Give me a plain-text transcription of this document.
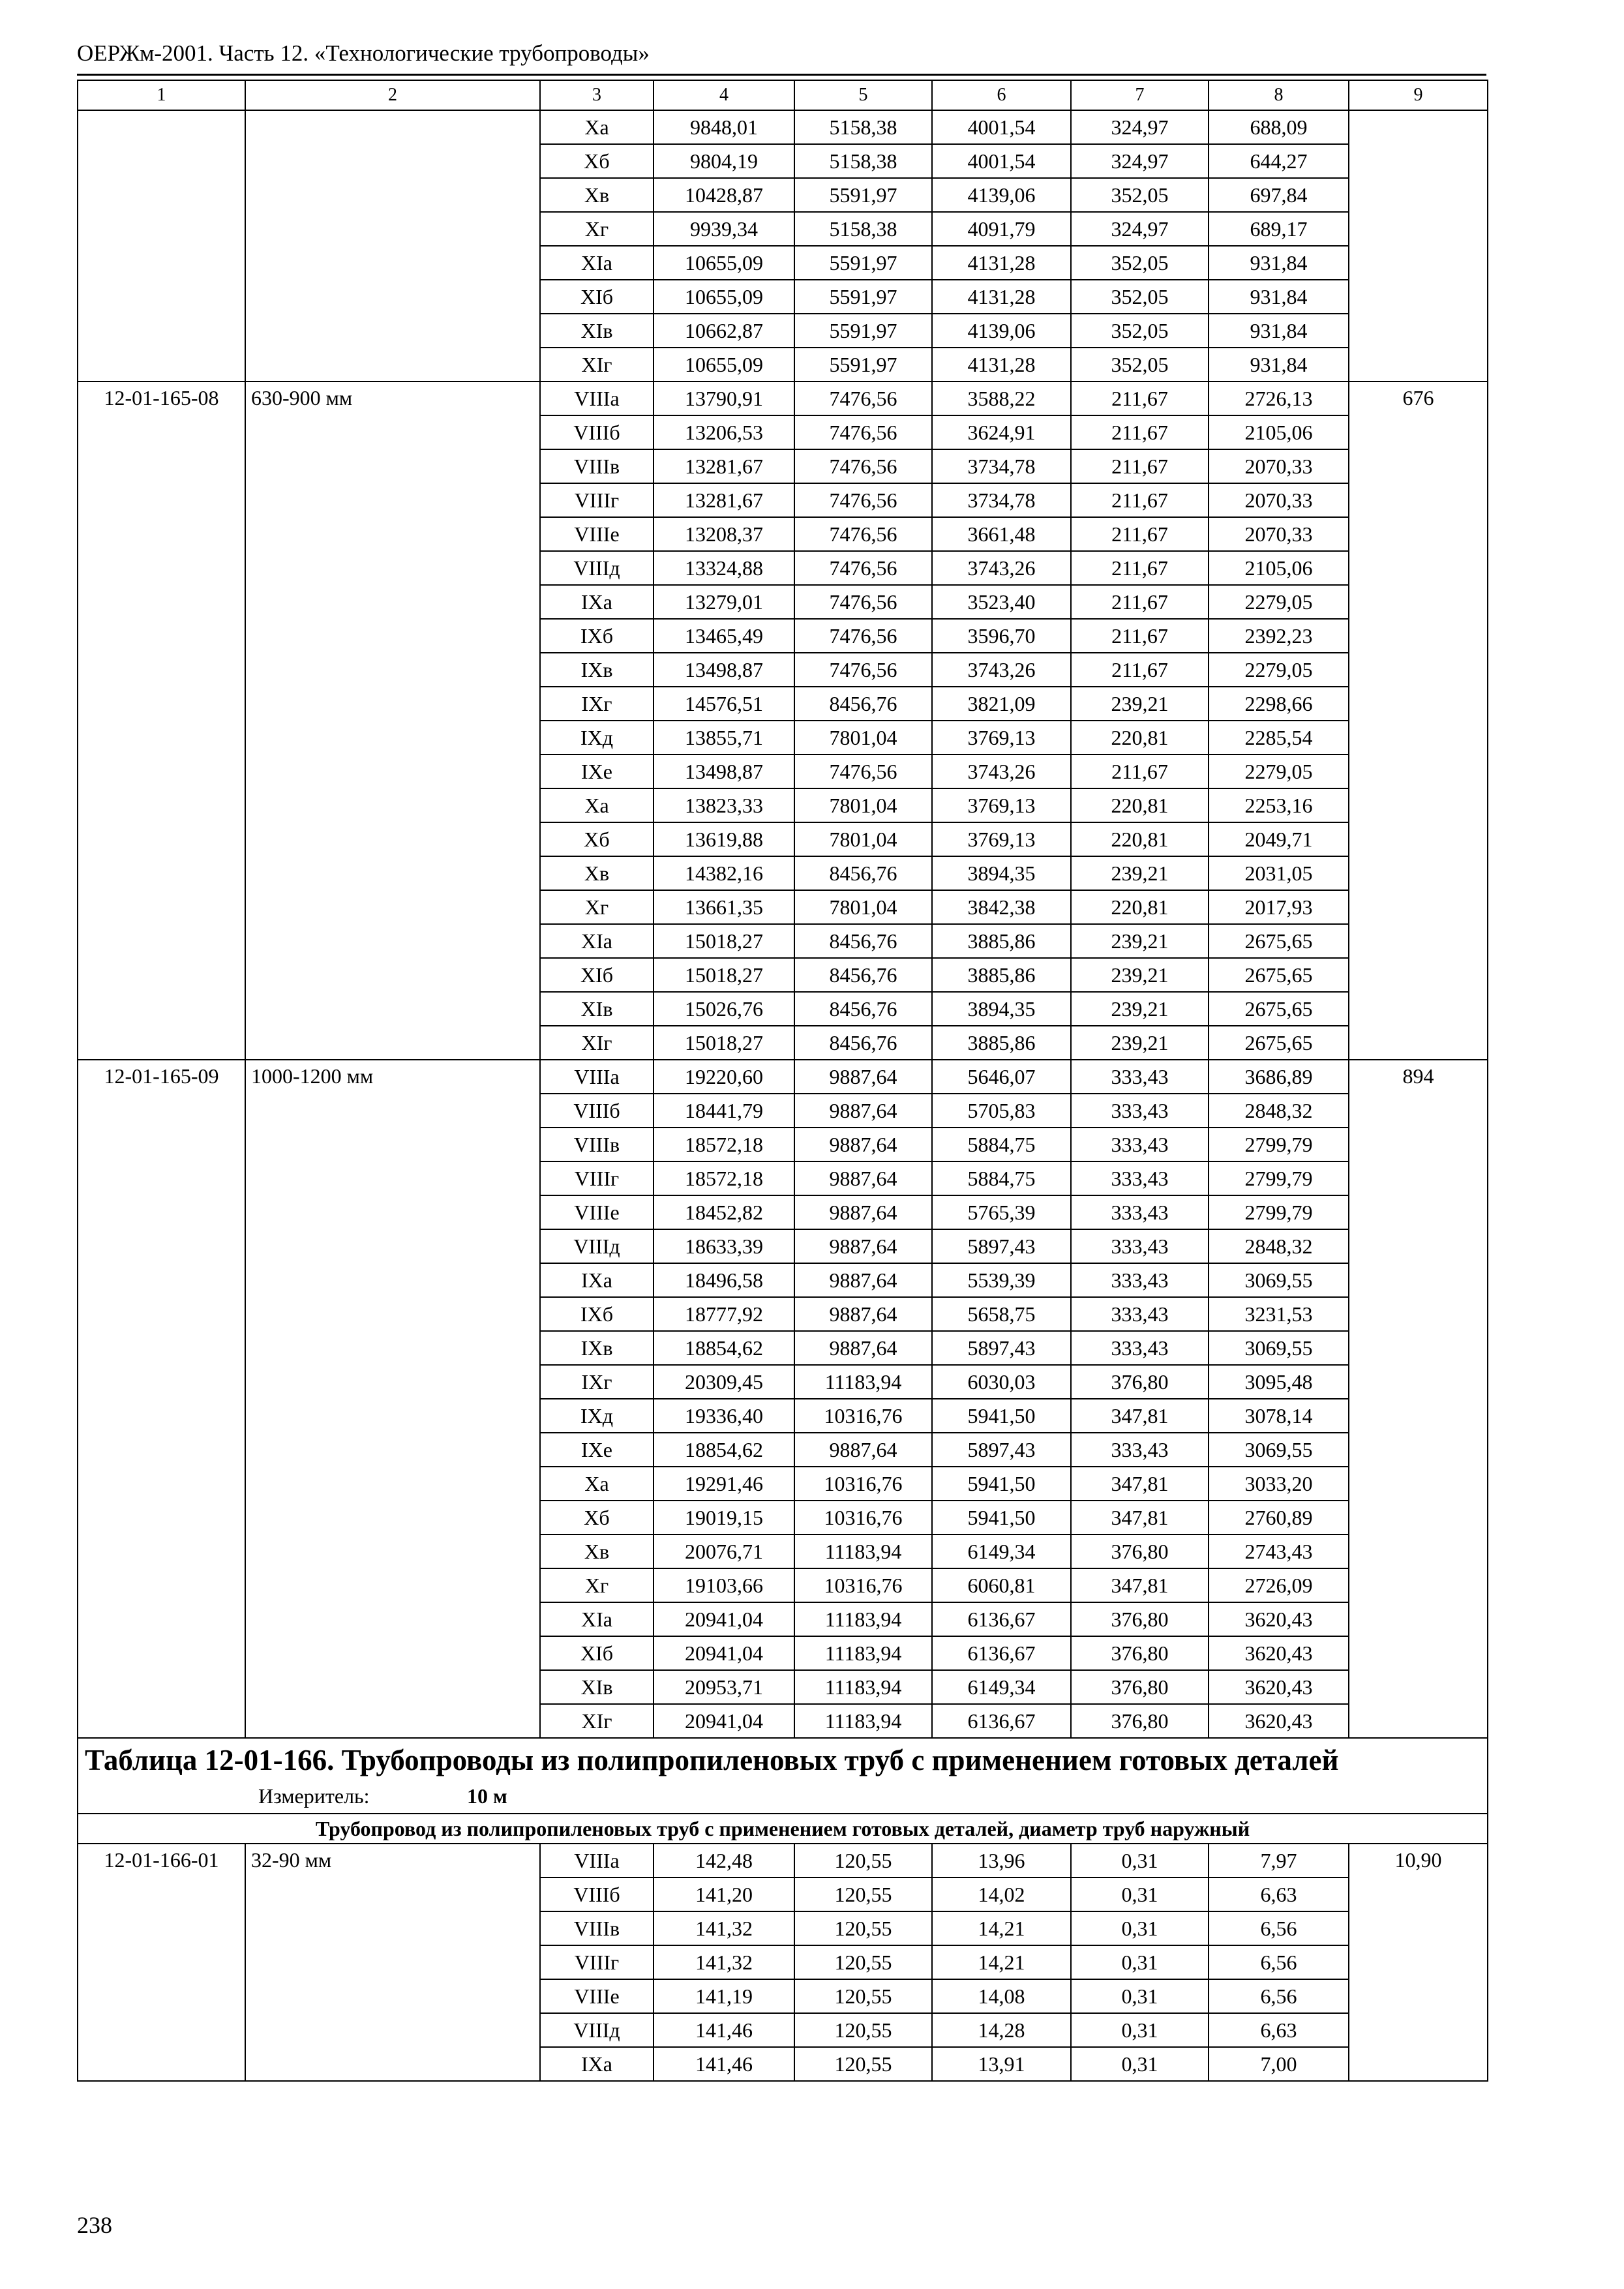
ОЕРЖм-2001. Часть 12. «Технологические трубопроводы»
1	2	3	4	5	6	7	8	9
		Xа	9848,01	5158,38	4001,54	324,97	688,09	
		Xб	9804,19	5158,38	4001,54	324,97	644,27	
		Xв	10428,87	5591,97	4139,06	352,05	697,84	
		Xг	9939,34	5158,38	4091,79	324,97	689,17	
		XIа	10655,09	5591,97	4131,28	352,05	931,84	
		XIб	10655,09	5591,97	4131,28	352,05	931,84	
		XIв	10662,87	5591,97	4139,06	352,05	931,84	
		XIг	10655,09	5591,97	4131,28	352,05	931,84	
12-01-165-08	630-900 мм	VIIIа	13790,91	7476,56	3588,22	211,67	2726,13	676
		VIIIб	13206,53	7476,56	3624,91	211,67	2105,06	
		VIIIв	13281,67	7476,56	3734,78	211,67	2070,33	
		VIIIг	13281,67	7476,56	3734,78	211,67	2070,33	
		VIIIе	13208,37	7476,56	3661,48	211,67	2070,33	
		VIIIд	13324,88	7476,56	3743,26	211,67	2105,06	
		IXа	13279,01	7476,56	3523,40	211,67	2279,05	
		IXб	13465,49	7476,56	3596,70	211,67	2392,23	
		IXв	13498,87	7476,56	3743,26	211,67	2279,05	
		IXг	14576,51	8456,76	3821,09	239,21	2298,66	
		IXд	13855,71	7801,04	3769,13	220,81	2285,54	
		IXе	13498,87	7476,56	3743,26	211,67	2279,05	
		Xа	13823,33	7801,04	3769,13	220,81	2253,16	
		Xб	13619,88	7801,04	3769,13	220,81	2049,71	
		Xв	14382,16	8456,76	3894,35	239,21	2031,05	
		Xг	13661,35	7801,04	3842,38	220,81	2017,93	
		XIа	15018,27	8456,76	3885,86	239,21	2675,65	
		XIб	15018,27	8456,76	3885,86	239,21	2675,65	
		XIв	15026,76	8456,76	3894,35	239,21	2675,65	
		XIг	15018,27	8456,76	3885,86	239,21	2675,65	
12-01-165-09	1000-1200 мм	VIIIа	19220,60	9887,64	5646,07	333,43	3686,89	894
		VIIIб	18441,79	9887,64	5705,83	333,43	2848,32	
		VIIIв	18572,18	9887,64	5884,75	333,43	2799,79	
		VIIIг	18572,18	9887,64	5884,75	333,43	2799,79	
		VIIIе	18452,82	9887,64	5765,39	333,43	2799,79	
		VIIIд	18633,39	9887,64	5897,43	333,43	2848,32	
		IXа	18496,58	9887,64	5539,39	333,43	3069,55	
		IXб	18777,92	9887,64	5658,75	333,43	3231,53	
		IXв	18854,62	9887,64	5897,43	333,43	3069,55	
		IXг	20309,45	11183,94	6030,03	376,80	3095,48	
		IXд	19336,40	10316,76	5941,50	347,81	3078,14	
		IXе	18854,62	9887,64	5897,43	333,43	3069,55	
		Xа	19291,46	10316,76	5941,50	347,81	3033,20	
		Xб	19019,15	10316,76	5941,50	347,81	2760,89	
		Xв	20076,71	11183,94	6149,34	376,80	2743,43	
		Xг	19103,66	10316,76	6060,81	347,81	2726,09	
		XIа	20941,04	11183,94	6136,67	376,80	3620,43	
		XIб	20941,04	11183,94	6136,67	376,80	3620,43	
		XIв	20953,71	11183,94	6149,34	376,80	3620,43	
		XIг	20941,04	11183,94	6136,67	376,80	3620,43	

Таблица 12-01-166. Трубопроводы из полипропиленовых труб с применением готовых деталей
Измеритель: 10 м								

Трубопровод из полипропиленовых труб с применением готовых деталей, диаметр труб наружный								
12-01-166-01	32-90 мм	VIIIа	142,48	120,55	13,96	0,31	7,97	10,90
		VIIIб	141,20	120,55	14,02	0,31	6,63	
		VIIIв	141,32	120,55	14,21	0,31	6,56	
		VIIIг	141,32	120,55	14,21	0,31	6,56	
		VIIIе	141,19	120,55	14,08	0,31	6,56	
		VIIIд	141,46	120,55	14,28	0,31	6,63	
		IXа	141,46	120,55	13,91	0,31	7,00	
238
